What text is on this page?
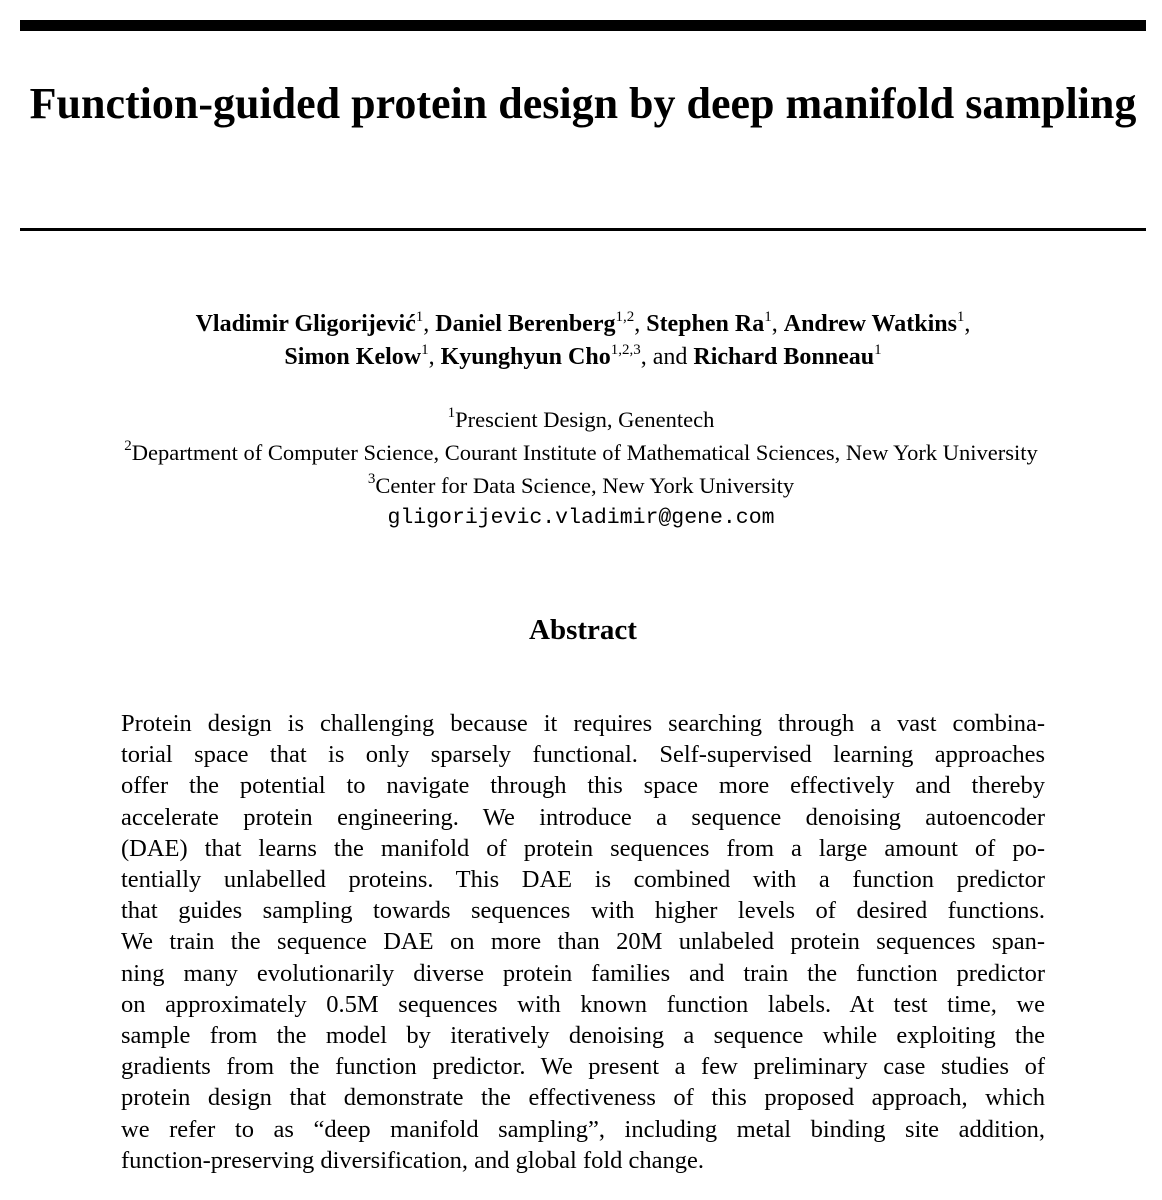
Function-guided protein design by deep manifold sampling
Vladimir Gligorijević$^1$, Daniel Berenberg$^{1,2}$, Stephen Ra$^1$, Andrew Watkins$^1$,
Simon Kelow$^1$, Kyunghyun Cho$^{1,2,3}$, and Richard Bonneau$^1$
$^1$Prescient Design, Genentech
$^2$Department of Computer Science, Courant Institute of Mathematical Sciences, New York University
$^3$Center for Data Science, New York University
gligorijevic.vladimir@gene.com
Abstract
Protein design is challenging because it requires searching through a vast combina-
torial space that is only sparsely functional. Self-supervised learning approaches
offer the potential to navigate through this space more effectively and thereby
accelerate protein engineering. We introduce a sequence denoising autoencoder
(DAE) that learns the manifold of protein sequences from a large amount of po-
tentially unlabelled proteins. This DAE is combined with a function predictor
that guides sampling towards sequences with higher levels of desired functions.
We train the sequence DAE on more than 20M unlabeled protein sequences span-
ning many evolutionarily diverse protein families and train the function predictor
on approximately 0.5M sequences with known function labels. At test time, we
sample from the model by iteratively denoising a sequence while exploiting the
gradients from the function predictor. We present a few preliminary case studies of
protein design that demonstrate the effectiveness of this proposed approach, which
we refer to as “deep manifold sampling”, including metal binding site addition,
function-preserving diversification, and global fold change.
